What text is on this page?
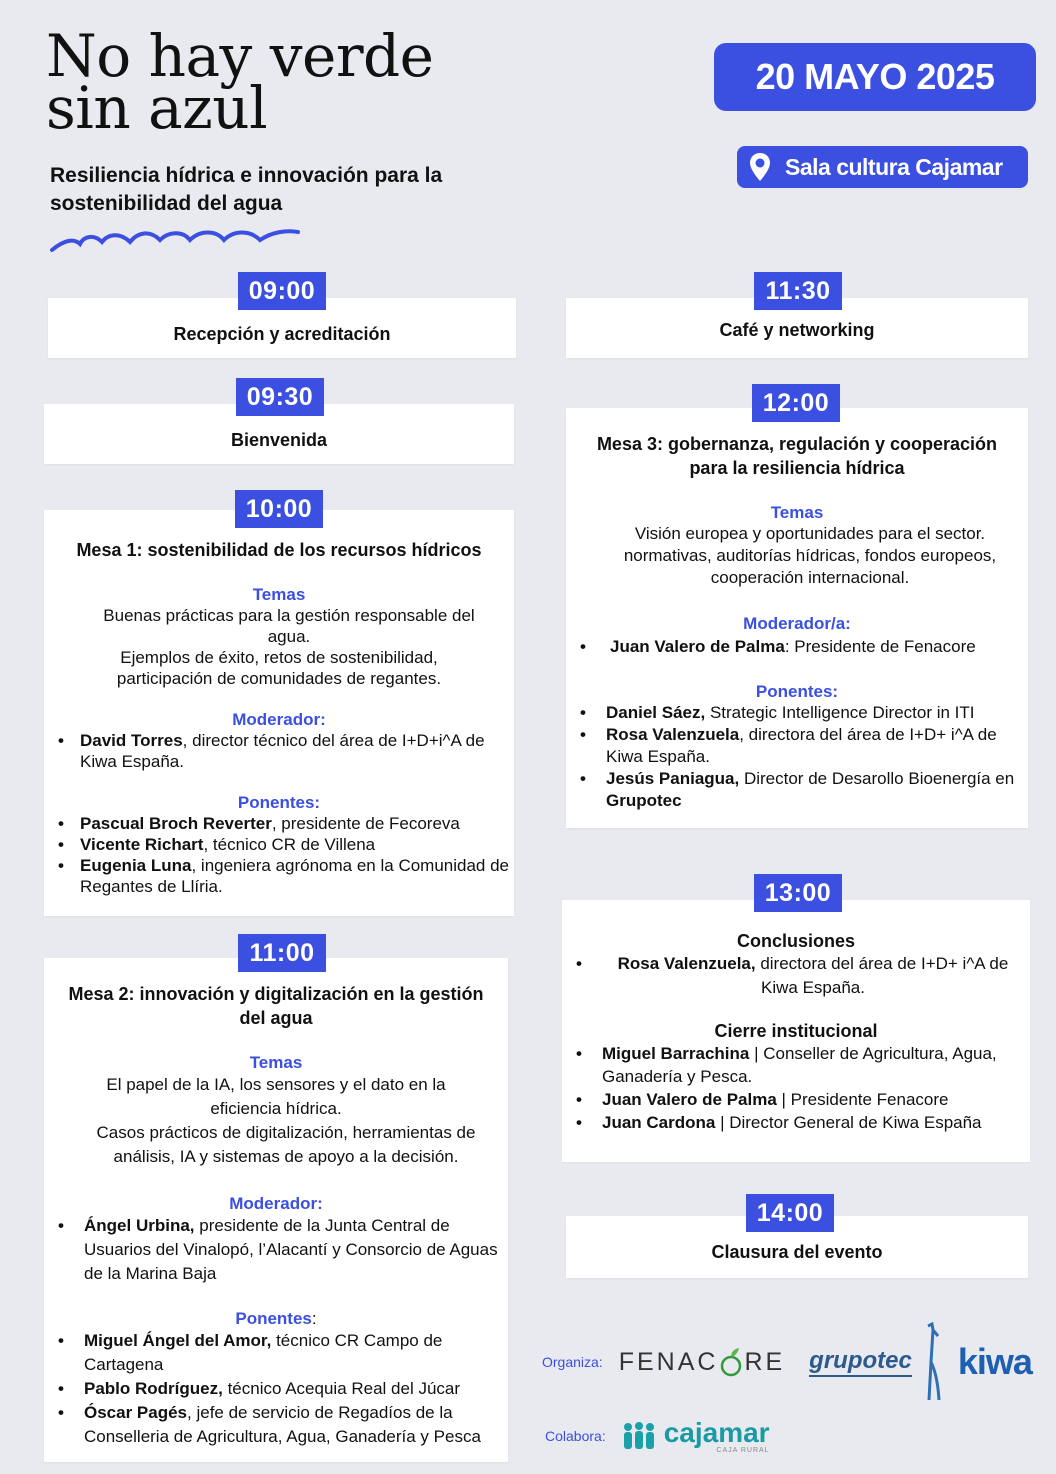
No hay verde
sin azul
Resiliencia hídrica e innovación para la sostenibilidad del agua
20 MAYO 2025
Sala cultura Cajamar
Recepción y acreditación
09:00
Bienvenida
09:30
Mesa 1: sostenibilidad de los recursos hídricos
Temas
Buenas prácticas para la gestión responsable del agua.
Ejemplos de éxito, retos de sostenibilidad, participación de comunidades de regantes.
Moderador:
• David Torres, director técnico del área de I+D+i^A de Kiwa España.
Ponentes:
• Pascual Broch Reverter, presidente de Fecoreva
• Vicente Richart, técnico CR de Villena
• Eugenia Luna, ingeniera agrónoma en la Comunidad de Regantes de Llíria.
10:00
Mesa 2: innovación y digitalización en la gestión del agua
Temas
El papel de la IA, los sensores y el dato en la eficiencia hídrica.
Casos prácticos de digitalización, herramientas de análisis, IA y sistemas de apoyo a la decisión.
Moderador:
• Ángel Urbina, presidente de la Junta Central de Usuarios del Vinalopó, l’Alacantí y Consorcio de Aguas de la Marina Baja
Ponentes:
• Miguel Ángel del Amor, técnico CR Campo de Cartagena
• Pablo Rodríguez, técnico Acequia Real del Júcar
• Óscar Pagés, jefe de servicio de Regadíos de la Conselleria de Agricultura, Agua, Ganadería y Pesca
11:00
Café y networking
11:30
Mesa 3: gobernanza, regulación y cooperación para la resiliencia hídrica
Temas
Visión europea y oportunidades para el sector. normativas, auditorías hídricas, fondos europeos, cooperación internacional.
Moderador/a:
• Juan Valero de Palma: Presidente de Fenacore
Ponentes:
• Daniel Sáez, Strategic Intelligence Director in ITI
• Rosa Valenzuela, directora del área de I+D+ i^A de Kiwa España.
• Jesús Paniagua, Director de Desarollo Bioenergía en Grupotec
12:00
Conclusiones
• Rosa Valenzuela, directora del área de I+D+ i^A de Kiwa España.
Cierre institucional
• Miguel Barrachina | Conseller de Agricultura, Agua, Ganadería y Pesca.
• Juan Valero de Palma | Presidente Fenacore
• Juan Cardona | Director General de Kiwa España
13:00
Clausura del evento
14:00
Organiza: FENAC RE grupotec kiwa
Colabora: cajamar
CAJA RURAL
